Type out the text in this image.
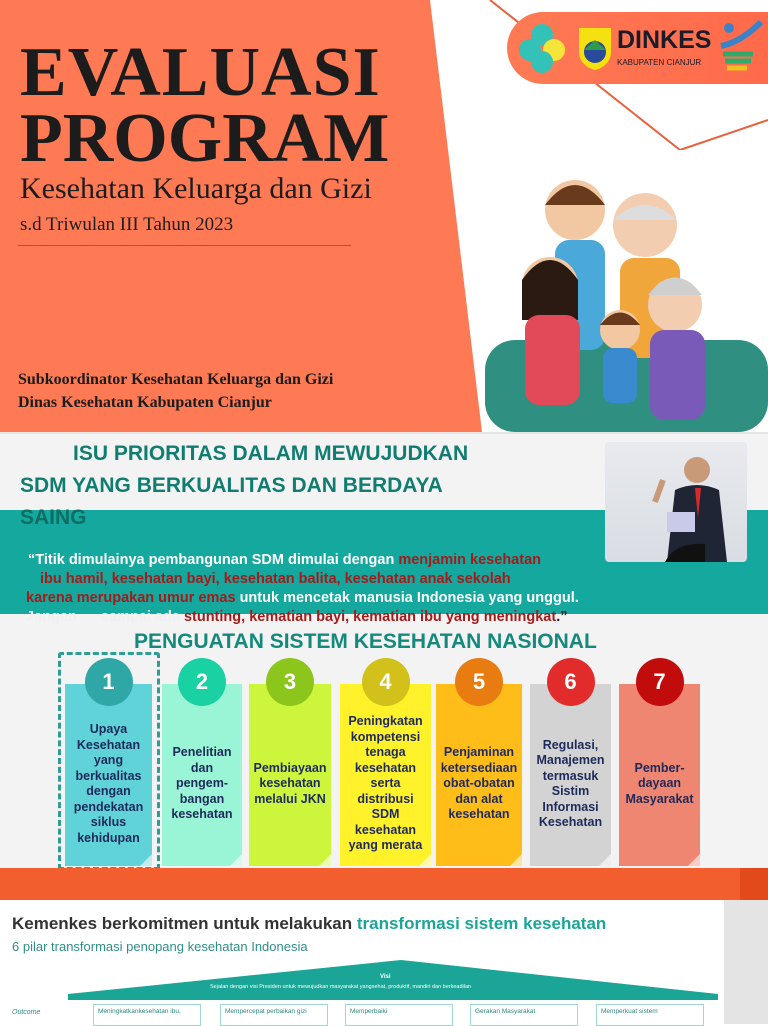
EVALUASI
PROGRAM
Kesehatan Keluarga dan Gizi
s.d Triwulan III Tahun 2023
Subkoordinator Kesehatan Keluarga dan Gizi
Dinas Kesehatan Kabupaten Cianjur
DINKES
KABUPATEN CIANJUR
ISU PRIORITAS DALAM MEWUJUDKAN
SDM YANG BERKUALITAS DAN BERDAYA
SAING
“Titik dimulainya pembangunan SDM dimulai dengan menjamin kesehatan
ibu hamil, kesehatan bayi, kesehatan balita, kesehatan anak sekolah
karena merupakan umur emas untuk mencetak manusia Indonesia yang unggul.
Jangan      sampai ada stunting, kematian bayi, kematian ibu yang meningkat.”
PENGUATAN SISTEM KESEHATAN NASIONAL
Upaya Kesehatan yang berkualitas dengan pendekatan siklus kehidupan
1
Penelitian dan pengem-bangan kesehatan
2
Pembiayaan kesehatan melalui JKN
3
Peningkatan kompetensi tenaga kesehatan serta distribusi SDM kesehatan yang merata
4
Penjaminan ketersediaan obat-obatan dan alat kesehatan
5
Regulasi, Manajemen termasuk Sistim Informasi Kesehatan
6
Pember-dayaan Masyarakat
7
Kemenkes berkomitmen untuk melakukan transformasi sistem kesehatan
6 pilar transformasi penopang kesehatan Indonesia
Visi
Sejalan dengan visi Presiden untuk mewujudkan masyarakat yangsehat, produktif, mandiri dan berkeadilan
Outcome	Meningkatkankesehatan ibu,	Mempercepat perbaikan gizi	Memperbaiki	Gerakan Masyarakat	Memperkuat sistem
